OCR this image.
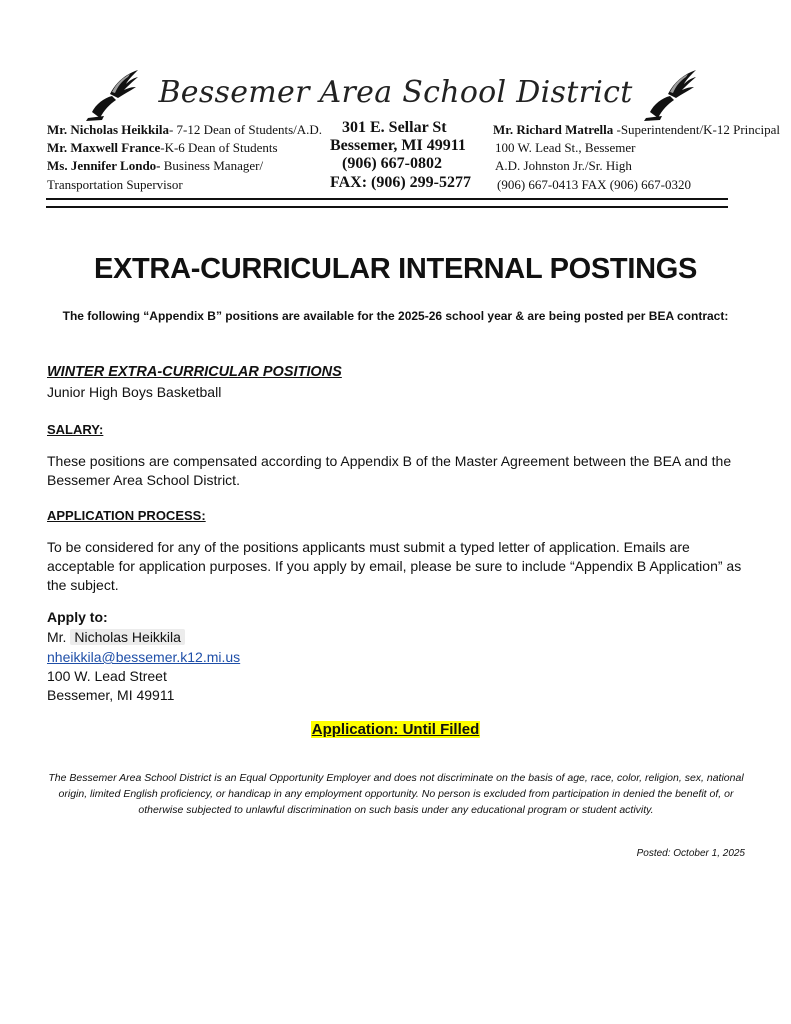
Bessemer Area School District
Mr. Nicholas Heikkila- 7-12 Dean of Students/A.D.
Mr. Maxwell France-K-6 Dean of Students
Ms. Jennifer Londo- Business Manager/
Transportation Supervisor
301 E. Sellar St
Bessemer, MI 49911
(906) 667-0802
FAX: (906) 299-5277
Mr. Richard Matrella -Superintendent/K-12 Principal
100 W. Lead St., Bessemer
A.D. Johnston Jr./Sr. High
(906) 667-0413 FAX (906) 667-0320
EXTRA-CURRICULAR INTERNAL POSTINGS
The following “Appendix B” positions are available for the 2025-26 school year & are being posted per BEA contract:
WINTER EXTRA-CURRICULAR POSITIONS
Junior High Boys Basketball
SALARY:
These positions are compensated according to Appendix B of the Master Agreement between the BEA and the Bessemer Area School District.
APPLICATION PROCESS:
To be considered for any of the positions applicants must submit a typed letter of application. Emails are acceptable for application purposes. If you apply by email, please be sure to include “Appendix B Application” as the subject.
Apply to:
Mr. Nicholas Heikkila
nheikkila@bessemer.k12.mi.us
100 W. Lead Street
Bessemer, MI 49911
Application: Until Filled
The Bessemer Area School District is an Equal Opportunity Employer and does not discriminate on the basis of age, race, color, religion, sex, national origin, limited English proficiency, or handicap in any employment opportunity. No person is excluded from participation in denied the benefit of, or otherwise subjected to unlawful discrimination on such basis under any educational program or student activity.
Posted: October 1, 2025
